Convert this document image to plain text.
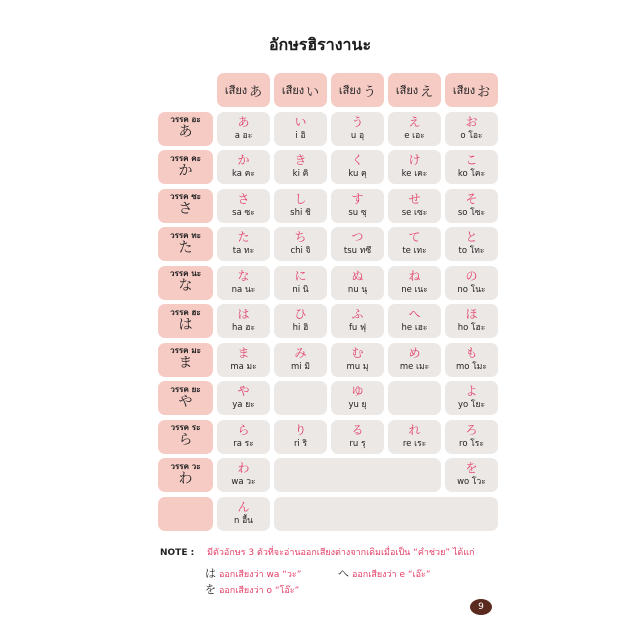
อักษรฮิรางานะ
เสียง あ เสียง い เสียง う เสียง え เสียง お
วรรค อะ
あ
あ
a อะ
い
i อิ
う
u อุ
え
e เอะ
お
o โอะ
วรรค คะ
か
か
ka คะ
き
ki คิ
く
ku คุ
け
ke เคะ
こ
ko โคะ
วรรค ซะ
さ
さ
sa ซะ
し
shi ชิ
す
su ซุ
せ
se เซะ
そ
so โซะ
วรรค ทะ
た
た
ta ทะ
ち
chi จิ
つ
tsu ทซึ
て
te เทะ
と
to โทะ
วรรค นะ
な
な
na นะ
に
ni นิ
ぬ
nu นุ
ね
ne เนะ
の
no โนะ
วรรค ฮะ
は
は
ha ฮะ
ひ
hi ฮิ
ふ
fu ฟุ
へ
he เฮะ
ほ
ho โฮะ
วรรค มะ
ま
ま
ma มะ
み
mi มิ
む
mu มุ
め
me เมะ
も
mo โมะ
วรรค ยะ
や
や
ya ยะ
ゆ
yu ยุ
よ
yo โยะ
วรรค ระ
ら
ら
ra ระ
り
ri ริ
る
ru รุ
れ
re เระ
ろ
ro โระ
วรรค วะ
わ
わ
wa วะ
を
wo โวะ
ん
n อื้น
NOTE : มีตัวอักษร 3 ตัวที่จะอ่านออกเสียงต่างจากเดิมเมื่อเป็น “คำช่วย” ได้แก่
は ออกเสียงว่า wa “วะ”	へ ออกเสียงว่า e “เอ๊ะ”
を ออกเสียงว่า o “โอ๊ะ”
9
